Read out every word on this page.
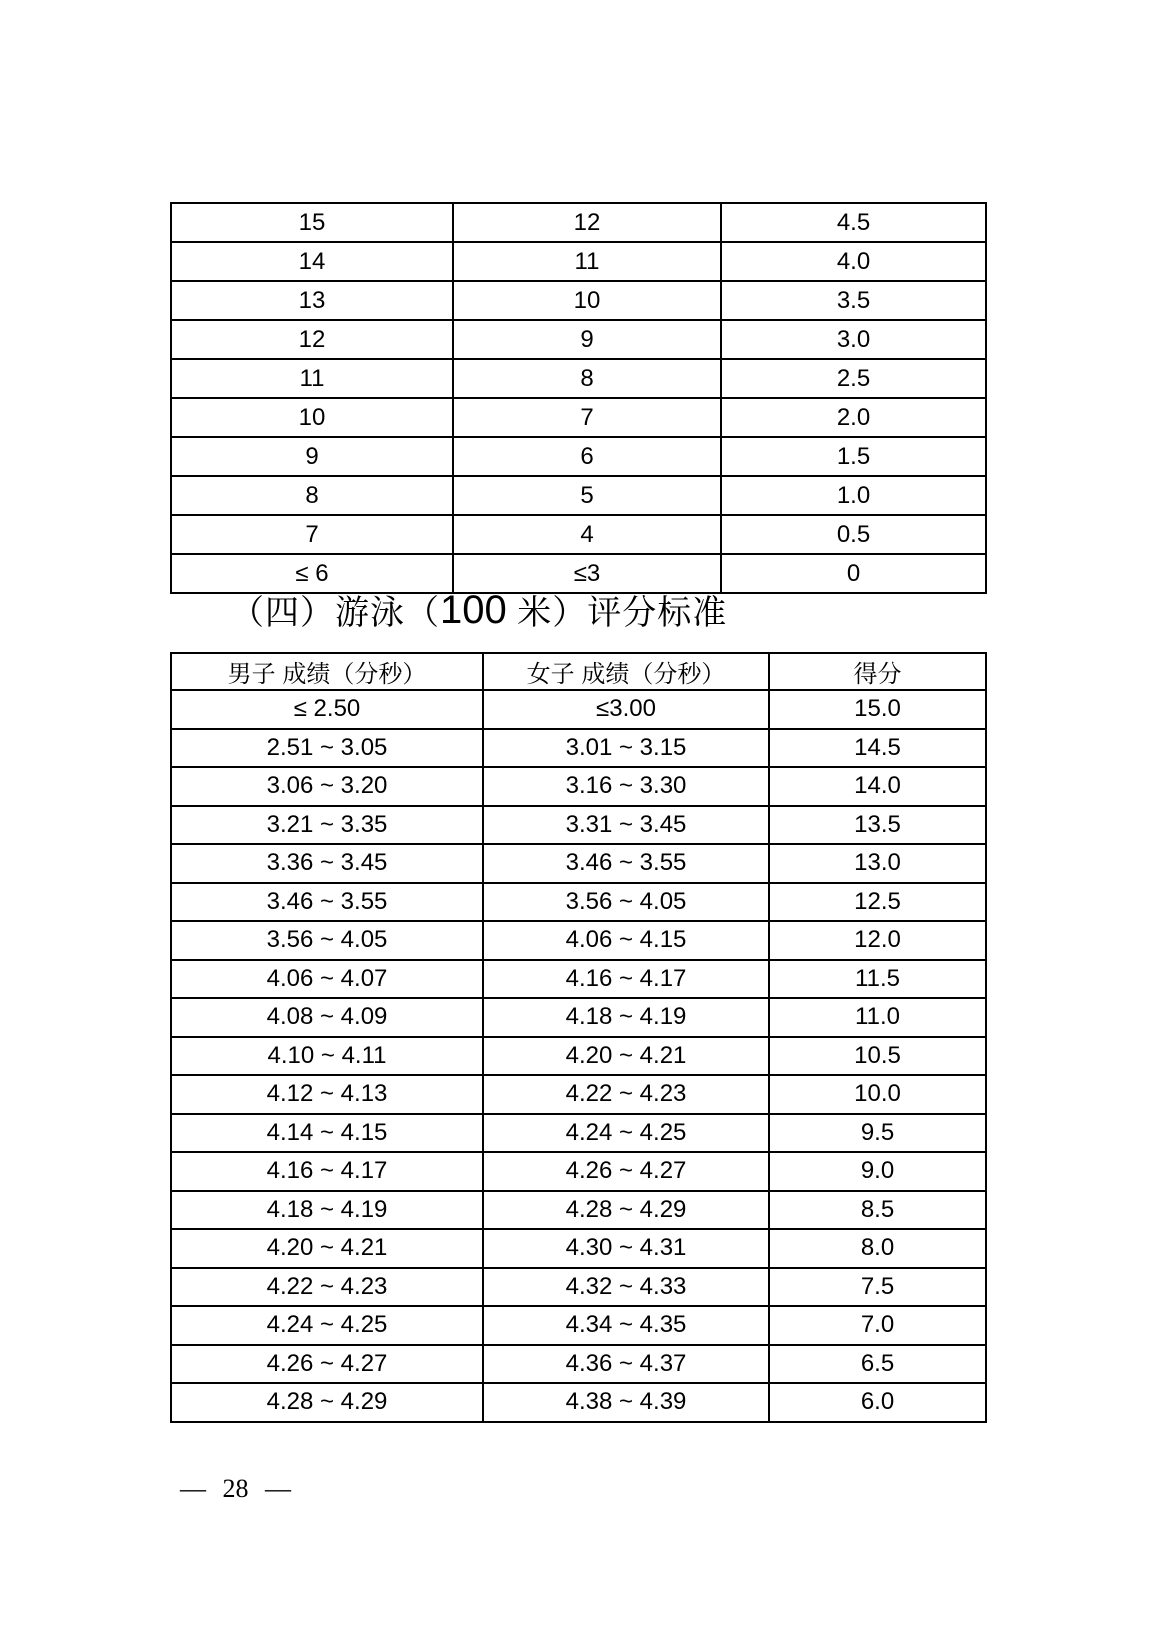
15	12	4.5
14	11	4.0
13	10	3.5
12	9	3.0
11	8	2.5
10	7	2.0
9	6	1.5
8	5	1.0
7	4	0.5
≤ 6	≤3	0
（四）游泳（100 米）评分标准
男子 成绩（分秒）	女子 成绩（分秒）	得分
≤ 2.50	≤3.00	15.0
2.51 ~ 3.05	3.01 ~ 3.15	14.5
3.06 ~ 3.20	3.16 ~ 3.30	14.0
3.21 ~ 3.35	3.31 ~ 3.45	13.5
3.36 ~ 3.45	3.46 ~ 3.55	13.0
3.46 ~ 3.55	3.56 ~ 4.05	12.5
3.56 ~ 4.05	4.06 ~ 4.15	12.0
4.06 ~ 4.07	4.16 ~ 4.17	11.5
4.08 ~ 4.09	4.18 ~ 4.19	11.0
4.10 ~ 4.11	4.20 ~ 4.21	10.5
4.12 ~ 4.13	4.22 ~ 4.23	10.0
4.14 ~ 4.15	4.24 ~ 4.25	9.5
4.16 ~ 4.17	4.26 ~ 4.27	9.0
4.18 ~ 4.19	4.28 ~ 4.29	8.5
4.20 ~ 4.21	4.30 ~ 4.31	8.0
4.22 ~ 4.23	4.32 ~ 4.33	7.5
4.24 ~ 4.25	4.34 ~ 4.35	7.0
4.26 ~ 4.27	4.36 ~ 4.37	6.5
4.28 ~ 4.29	4.38 ~ 4.39	6.0
— 28 —
